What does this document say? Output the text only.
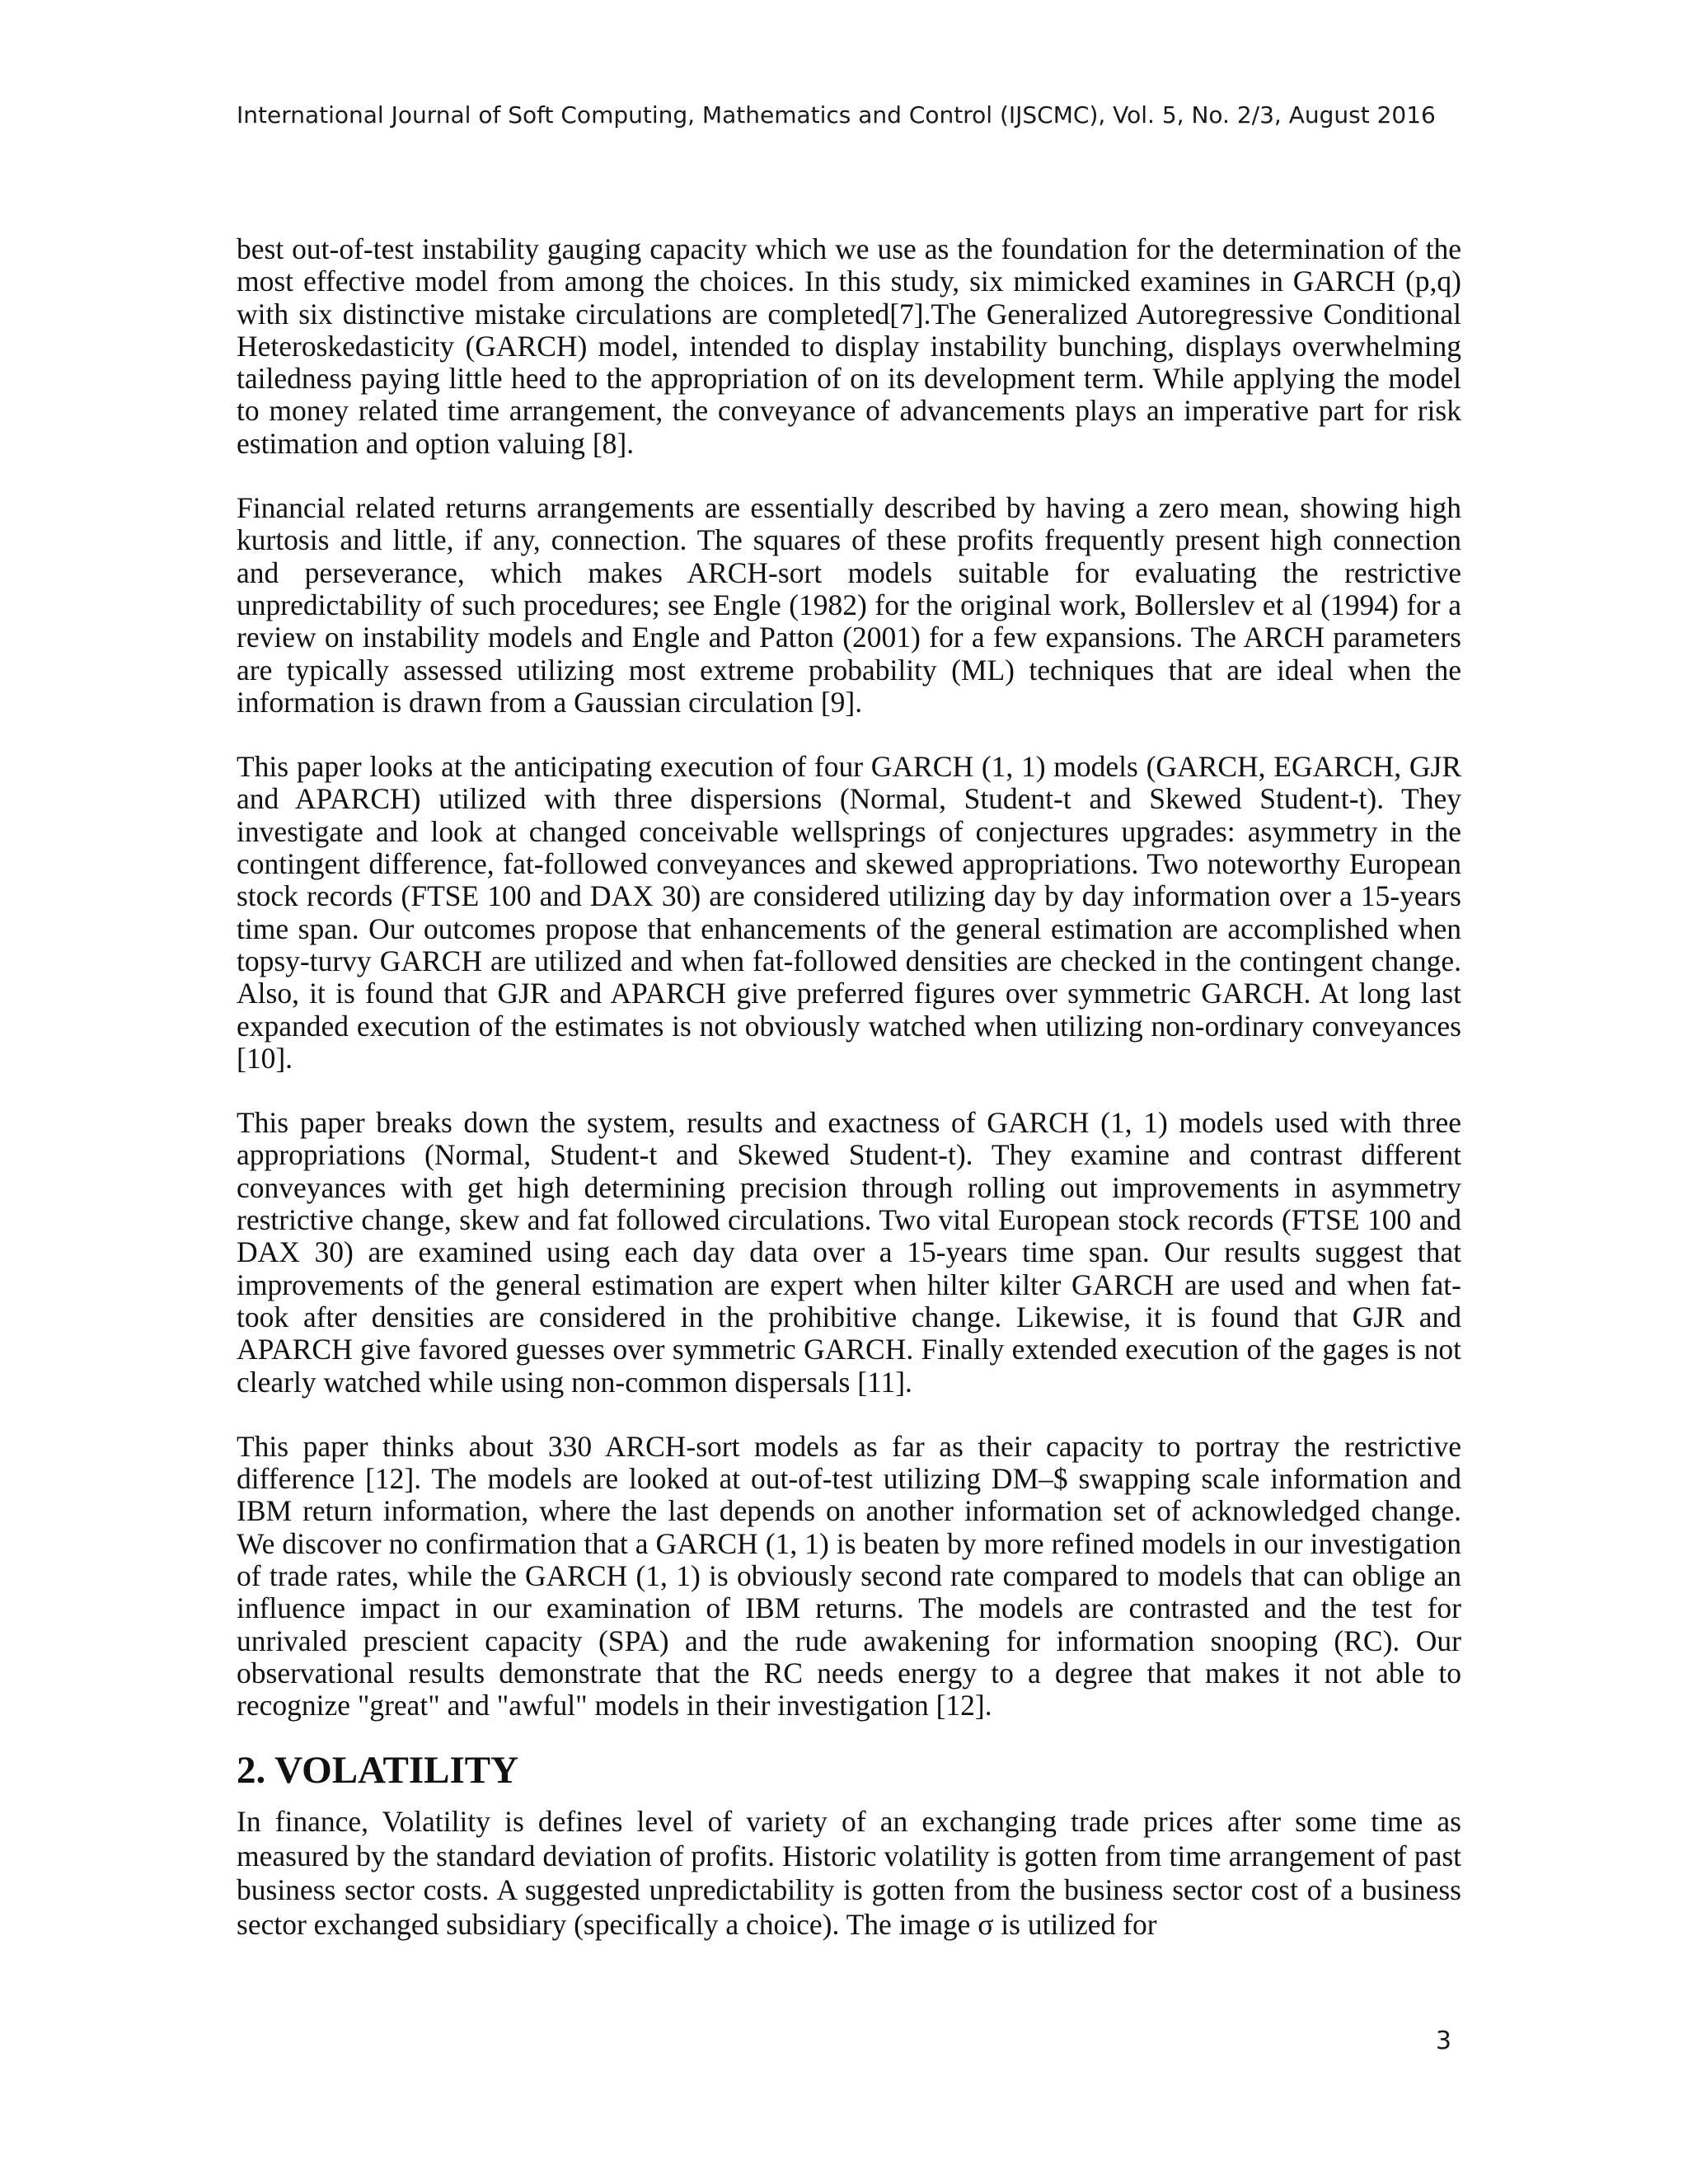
International Journal of Soft Computing, Mathematics and Control (IJSCMC), Vol. 5, No. 2/3, August 2016

best out-of-test instability gauging capacity which we use as the foundation for the determination of the most effective model from among the choices. In this study, six mimicked examines in GARCH (p,q) with six distinctive mistake circulations are completed[7].The Generalized Autoregressive Conditional Heteroskedasticity (GARCH) model, intended to display instability bunching, displays overwhelming tailedness paying little heed to the appropriation of on its development term. While applying the model to money related time arrangement, the conveyance of advancements plays an imperative part for risk estimation and option valuing [8].

Financial related returns arrangements are essentially described by having a zero mean, showing high kurtosis and little, if any, connection. The squares of these profits frequently present high connection and perseverance, which makes ARCH-sort models suitable for evaluating the restrictive unpredictability of such procedures; see Engle (1982) for the original work, Bollerslev et al (1994) for a review on instability models and Engle and Patton (2001) for a few expansions. The ARCH parameters are typically assessed utilizing most extreme probability (ML) techniques that are ideal when the information is drawn from a Gaussian circulation [9].

This paper looks at the anticipating execution of four GARCH (1, 1) models (GARCH, EGARCH, GJR and APARCH) utilized with three dispersions (Normal, Student-t and Skewed Student-t). They investigate and look at changed conceivable wellsprings of conjectures upgrades: asymmetry in the contingent difference, fat-followed conveyances and skewed appropriations. Two noteworthy European stock records (FTSE 100 and DAX 30) are considered utilizing day by day information over a 15-years time span. Our outcomes propose that enhancements of the general estimation are accomplished when topsy-turvy GARCH are utilized and when fat-followed densities are checked in the contingent change. Also, it is found that GJR and APARCH give preferred figures over symmetric GARCH. At long last expanded execution of the estimates is not obviously watched when utilizing non-ordinary conveyances [10].

This paper breaks down the system, results and exactness of GARCH (1, 1) models used with three appropriations (Normal, Student-t and Skewed Student-t). They examine and contrast different conveyances with get high determining precision through rolling out improvements in asymmetry restrictive change, skew and fat followed circulations. Two vital European stock records (FTSE 100 and DAX 30) are examined using each day data over a 15-years time span. Our results suggest that improvements of the general estimation are expert when hilter kilter GARCH are used and when fat-took after densities are considered in the prohibitive change. Likewise, it is found that GJR and APARCH give favored guesses over symmetric GARCH. Finally extended execution of the gages is not clearly watched while using non-common dispersals [11].

This paper thinks about 330 ARCH-sort models as far as their capacity to portray the restrictive difference [12]. The models are looked at out-of-test utilizing DM–$ swapping scale information and IBM return information, where the last depends on another information set of acknowledged change. We discover no confirmation that a GARCH (1, 1) is beaten by more refined models in our investigation of trade rates, while the GARCH (1, 1) is obviously second rate compared to models that can oblige an influence impact in our examination of IBM returns. The models are contrasted and the test for unrivaled prescient capacity (SPA) and the rude awakening for information snooping (RC). Our observational results demonstrate that the RC needs energy to a degree that makes it not able to recognize "great" and "awful" models in their investigation [12].

2. VOLATILITY

In finance, Volatility is defines level of variety of an exchanging trade prices after some time as measured by the standard deviation of profits. Historic volatility is gotten from time arrangement of past business sector costs. A suggested unpredictability is gotten from the business sector cost of a business sector exchanged subsidiary (specifically a choice). The image σ is utilized for

3
